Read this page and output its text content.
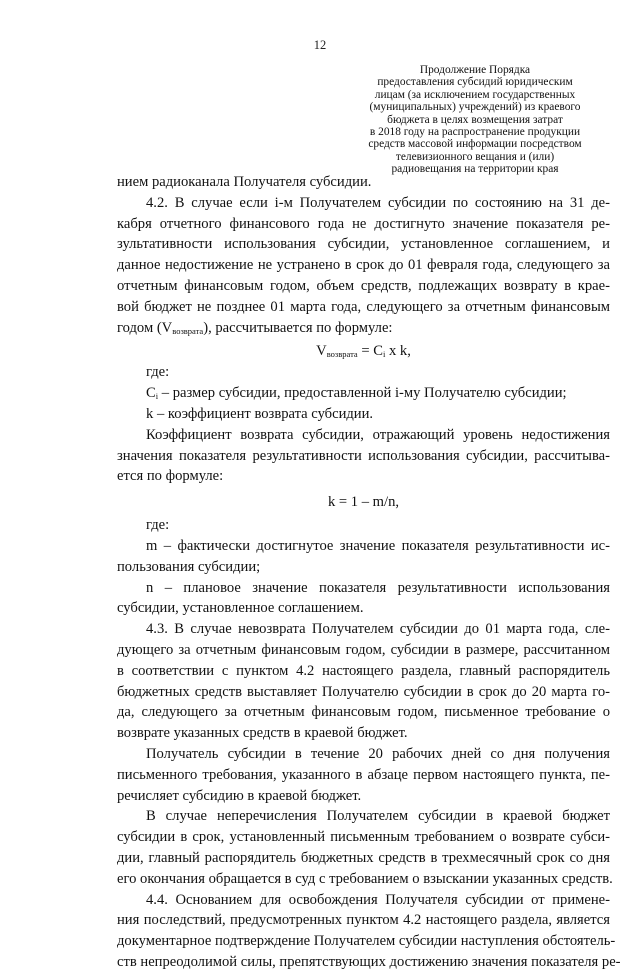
12
Продолжение Порядка
предоставления субсидий юридическим
лицам (за исключением государственных
(муниципальных) учреждений) из краевого
бюджета в целях возмещения затрат
в 2018 году на распространение продукции
средств массовой информации посредством
телевизионного вещания и (или)
радиовещания на территории края
нием радиоканала Получателя субсидии.
4.2. В случае если i-м Получателем субсидии по состоянию на 31 де-
кабря отчетного финансового года не достигнуто значение показателя ре-
зультативности использования субсидии, установленное соглашением, и
данное недостижение не устранено в срок до 01 февраля года, следующего за
отчетным финансовым годом, объем средств, подлежащих возврату в крае-
вой бюджет не позднее 01 марта года, следующего за отчетным финансовым
годом $(V_{возврата})$, рассчитывается по формуле:
$V_{возврата} = C_i$ x k,
где:
$C_i$ – размер субсидии, предоставленной i-му Получателю субсидии;
k – коэффициент возврата субсидии.
Коэффициент возврата субсидии, отражающий уровень недостижения
значения показателя результативности использования субсидии, рассчитыва-
ется по формуле:
k = 1 – m/n,
где:
m – фактически достигнутое значение показателя результативности ис-
пользования субсидии;
n – плановое значение показателя результативности использования
субсидии, установленное соглашением.
4.3. В случае невозврата Получателем субсидии до 01 марта года, сле-
дующего за отчетным финансовым годом, субсидии в размере, рассчитанном
в соответствии с пунктом 4.2 настоящего раздела, главный распорядитель
бюджетных средств выставляет Получателю субсидии в срок до 20 марта го-
да, следующего за отчетным финансовым годом, письменное требование о
возврате указанных средств в краевой бюджет.
Получатель субсидии в течение 20 рабочих дней со дня получения
письменного требования, указанного в абзаце первом настоящего пункта, пе-
речисляет субсидию в краевой бюджет.
В случае неперечисления Получателем субсидии в краевой бюджет
субсидии в срок, установленный письменным требованием о возврате субси-
дии, главный распорядитель бюджетных средств в трехмесячный срок со дня
его окончания обращается в суд с требованием о взыскании указанных средств.
4.4. Основанием для освобождения Получателя субсидии от примене-
ния последствий, предусмотренных пунктом 4.2 настоящего раздела, является
документарное подтверждение Получателем субсидии наступления обстоятель-
ств непреодолимой силы, препятствующих достижению значения показателя ре-
